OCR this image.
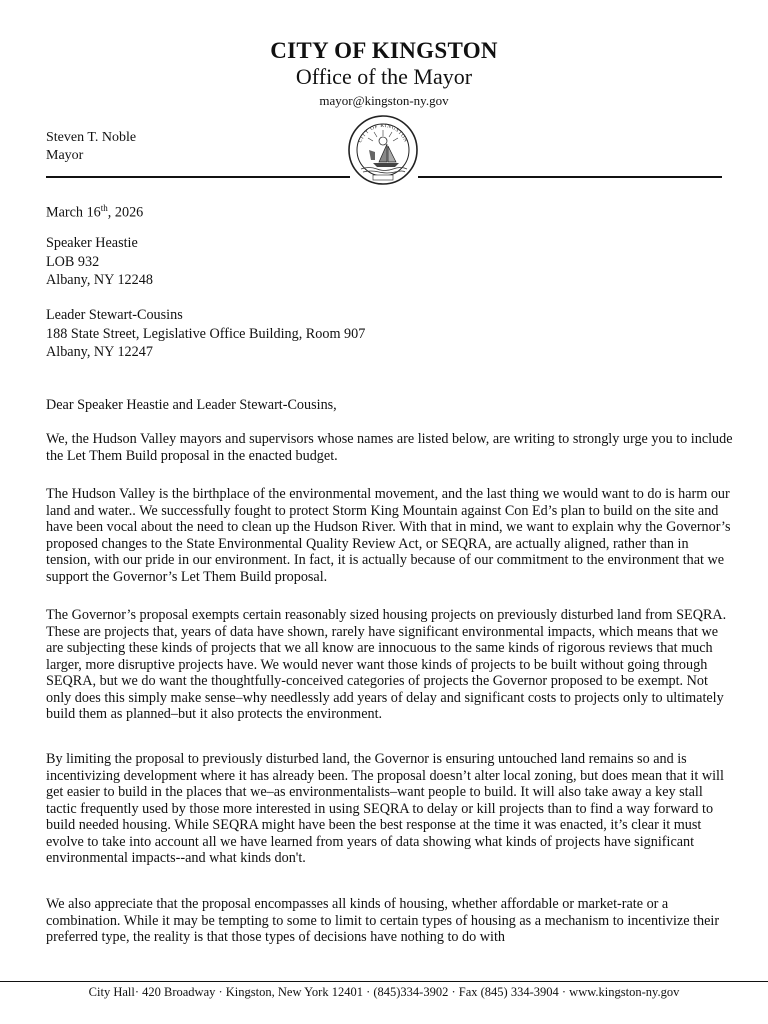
CITY OF KINGSTON
Office of the Mayor
mayor@kingston-ny.gov
Steven T. Noble
Mayor
CITY OF KINGSTON
March 16th, 2026
Speaker Heastie
LOB 932
Albany, NY 12248
Leader Stewart-Cousins
188 State Street, Legislative Office Building, Room 907
Albany, NY 12247
Dear Speaker Heastie and Leader Stewart-Cousins,

We, the Hudson Valley mayors and supervisors whose names are listed below, are writing to strongly urge you to include the Let Them Build proposal in the enacted budget.

The Hudson Valley is the birthplace of the environmental movement, and the last thing we would want to do is harm our land and water.. We successfully fought to protect Storm King Mountain against Con Ed’s plan to build on the site and have been vocal about the need to clean up the Hudson River. With that in mind, we want to explain why the Governor’s proposed changes to the State Environmental Quality Review Act, or SEQRA, are actually aligned, rather than in tension, with our pride in our environment. In fact, it is actually because of our commitment to the environment that we support the Governor’s Let Them Build proposal.

The Governor’s proposal exempts certain reasonably sized housing projects on previously disturbed land from SEQRA. These are projects that, years of data have shown, rarely have significant environmental impacts, which means that we are subjecting these kinds of projects that we all know are innocuous to the same kinds of rigorous reviews that much larger, more disruptive projects have. We would never want those kinds of projects to be built without going through SEQRA, but we do want the thoughtfully-conceived categories of projects the Governor proposed to be exempt. Not only does this simply make sense–why needlessly add years of delay and significant costs to projects only to ultimately build them as planned–but it also protects the environment.

By limiting the proposal to previously disturbed land, the Governor is ensuring untouched land remains so and is incentivizing development where it has already been. The proposal doesn’t alter local zoning, but does mean that it will get easier to build in the places that we–as environmentalists–want people to build. It will also take away a key stall tactic frequently used by those more interested in using SEQRA to delay or kill projects than to find a way forward to build needed housing. While SEQRA might have been the best response at the time it was enacted, it’s clear it must evolve to take into account all we have learned from years of data showing what kinds of projects have significant environmental impacts--and what kinds don't.

We also appreciate that the proposal encompasses all kinds of housing, whether affordable or market-rate or a combination. While it may be tempting to some to limit to certain types of housing as a mechanism to incentivize their preferred type, the reality is that those types of decisions have nothing to do with

City Hall· 420 Broadway · Kingston, New York 12401 · (845)334-3902 · Fax (845) 334-3904 · www.kingston-ny.gov
